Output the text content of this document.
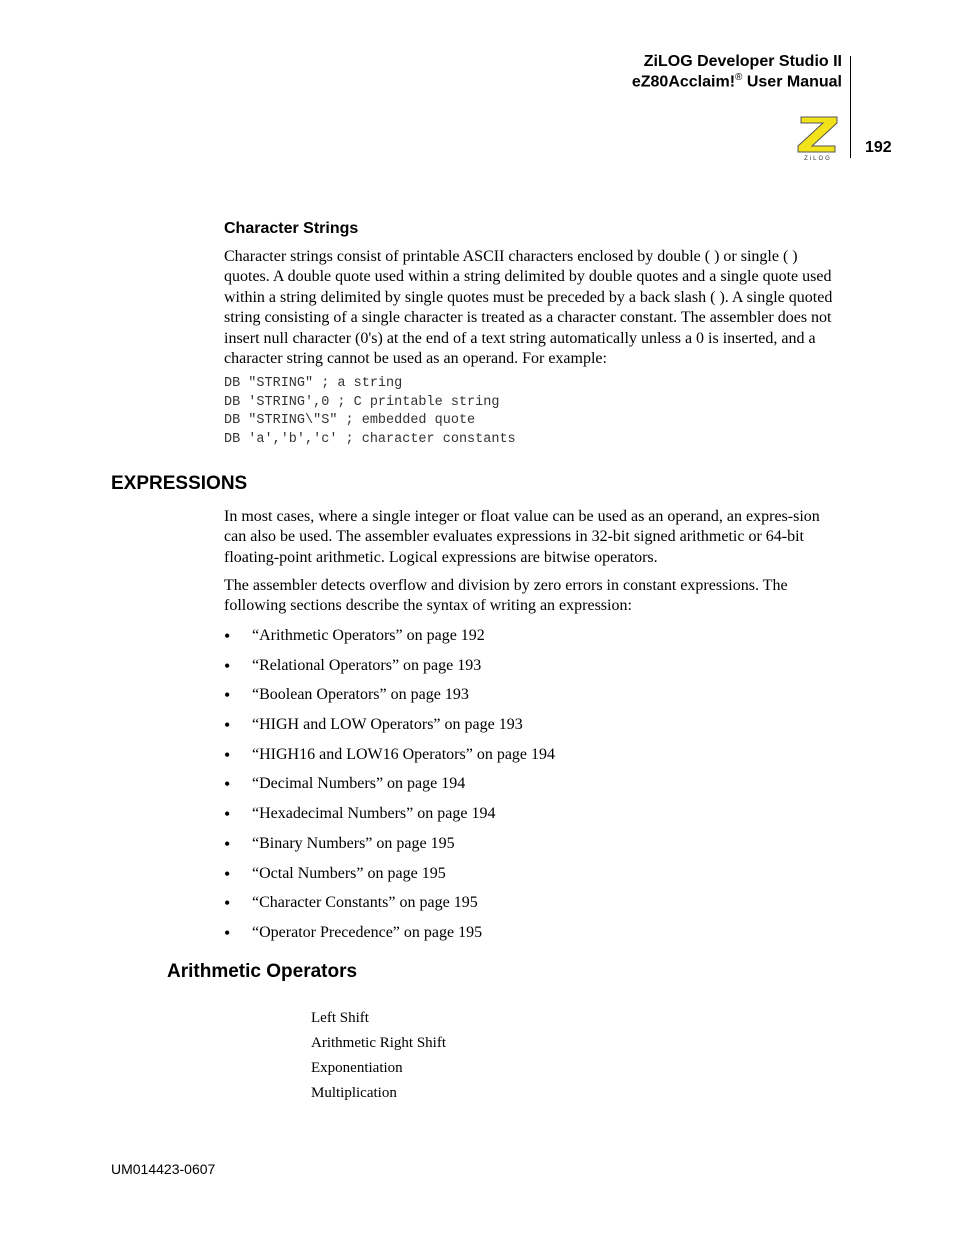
ZiLOG Developer Studio II
eZ80Acclaim!® User Manual
ZiLOG
192
Character Strings
Character strings consist of printable ASCII characters enclosed by double ( ) or single ( ) quotes. A double quote used within a string delimited by double quotes and a single quote used within a string delimited by single quotes must be preceded by a back slash ( ). A single quoted string consisting of a single character is treated as a character constant. The assembler does not insert null character (0's) at the end of a text string automatically unless a 0 is inserted, and a character string cannot be used as an operand. For example:
DB "STRING" ; a string
DB 'STRING',0 ; C printable string
DB "STRING\"S" ; embedded quote
DB 'a','b','c' ; character constants
EXPRESSIONS
In most cases, where a single integer or float value can be used as an operand, an expres-sion can also be used. The assembler evaluates expressions in 32-bit signed arithmetic or 64-bit floating-point arithmetic. Logical expressions are bitwise operators.
The assembler detects overflow and division by zero errors in constant expressions. The following sections describe the syntax of writing an expression:
• “Arithmetic Operators” on page 192
• “Relational Operators” on page 193
• “Boolean Operators” on page 193
• “HIGH and LOW Operators” on page 193
• “HIGH16 and LOW16 Operators” on page 194
• “Decimal Numbers” on page 194
• “Hexadecimal Numbers” on page 194
• “Binary Numbers” on page 195
• “Octal Numbers” on page 195
• “Character Constants” on page 195
• “Operator Precedence” on page 195
Arithmetic Operators
Left Shift
Arithmetic Right Shift
Exponentiation
Multiplication
UM014423-0607
